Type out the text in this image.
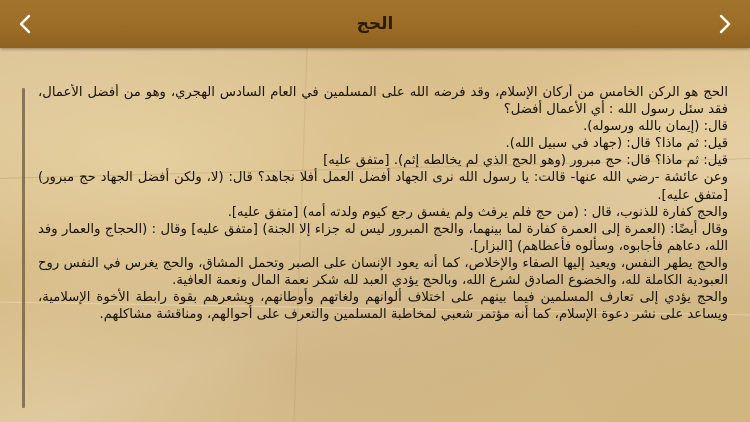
الحج

الحج هو الركن الخامس من أركان الإسلام، وقد فرضه الله على المسلمين في العام السادس الهجري، وهو من أفضل الأعمال، فقد سئل رسول الله : أي الأعمال أفضل؟

قال: (إيمان بالله ورسوله).

قيل: ثم ماذا؟ قال: (جهاد في سبيل الله).

قيل: ثم ماذا؟ قال: حج مبرور (وهو الحج الذي لم يخالطه إثم). [متفق عليه]

وعن عائشة -رضي الله عنها- قالت: يا رسول الله نرى الجهاد أفضل العمل أفلا نجاهد؟ قال: (لا، ولكن أفضل الجهاد حج مبرور) [متفق عليه].

والحج كفارة للذنوب، قال : (من حج فلم يرفث ولم يفسق رجع كيوم ولدته أمه) [متفق عليه].

وقال أيضًا: (العمرة إلى العمرة كفارة لما بينهما، والحج المبرور ليس له جزاء إلا الجنة) [متفق عليه] وقال : (الحجاج والعمار وفد الله، دعاهم فأجابوه، وسألوه فأعطاهم) [البزار].

والحج يطهر النفس، ويعيد إليها الصفاء والإخلاص، كما أنه يعود الإنسان على الصبر وتحمل المشاق، والحج يغرس في النفس روح العبودية الكاملة لله، والخضوع الصادق لشرع الله، وبالحج يؤدي العبد لله شكر نعمة المال ونعمة العافية.

والحج يؤدي إلى تعارف المسلمين فيما بينهم على اختلاف ألوانهم ولغاتهم وأوطانهم، ويشعرهم بقوة رابطة الأخوة الإسلامية، ويساعد على نشر دعوة الإسلام، كما أنه مؤتمر شعبي لمخاطبة المسلمين والتعرف على أحوالهم، ومناقشة مشاكلهم.
